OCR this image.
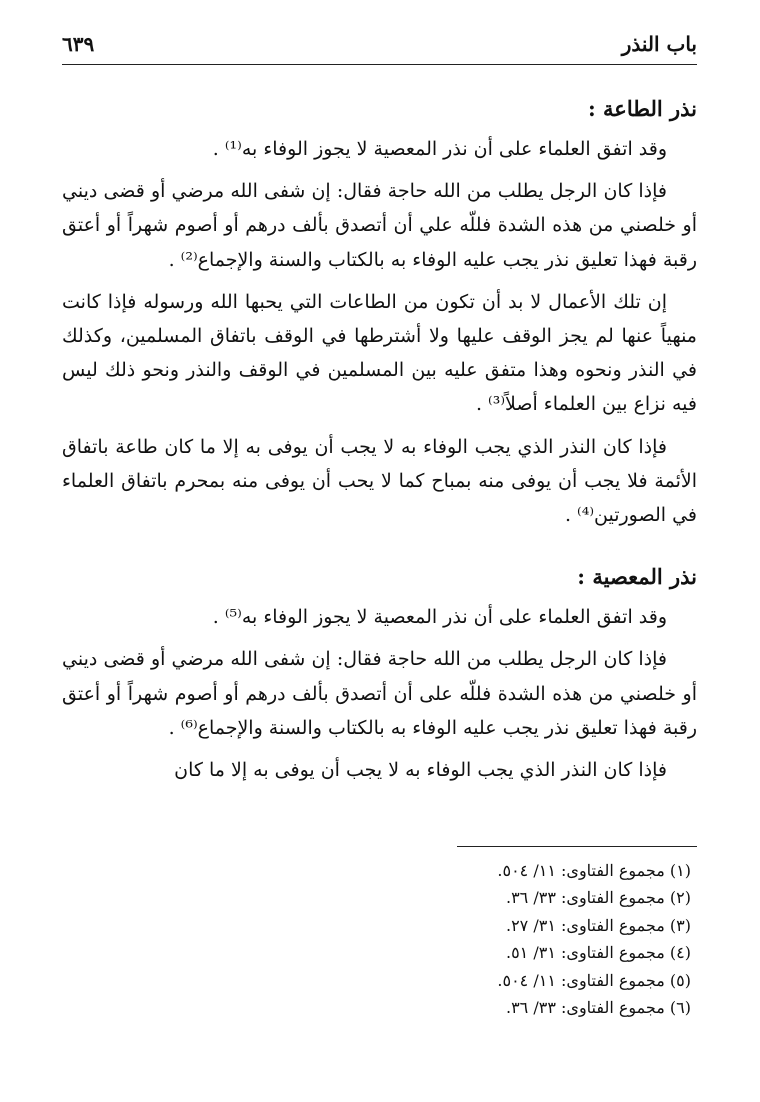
باب النذر
٦٣٩
نذر الطاعة :

وقد اتفق العلماء على أن نذر المعصية لا يجوز الوفاء به⁽¹⁾ .

فإذا كان الرجل يطلب من الله حاجة فقال: إن شفى الله مرضي أو قضى ديني أو خلصني من هذه الشدة فللّه علي أن أتصدق بألف درهم أو أصوم شهراً أو أعتق رقبة فهذا تعليق نذر يجب عليه الوفاء به بالكتاب والسنة والإجماع⁽²⁾ .

إن تلك الأعمال لا بد أن تكون من الطاعات التي يحبها الله ورسوله فإذا كانت منهياً عنها لم يجز الوقف عليها ولا أشترطها في الوقف باتفاق المسلمين، وكذلك في النذر ونحوه وهذا متفق عليه بين المسلمين في الوقف والنذر ونحو ذلك ليس فيه نزاع بين العلماء أصلاً⁽³⁾ .

فإذا كان النذر الذي يجب الوفاء به لا يجب أن يوفى به إلا ما كان طاعة باتفاق الأئمة فلا يجب أن يوفى منه بمباح كما لا يحب أن يوفى منه بمحرم باتفاق العلماء في الصورتين⁽⁴⁾ .

نذر المعصية :

وقد اتفق العلماء على أن نذر المعصية لا يجوز الوفاء به⁽⁵⁾ .

فإذا كان الرجل يطلب من الله حاجة فقال: إن شفى الله مرضي أو قضى ديني أو خلصني من هذه الشدة فللّه على أن أتصدق بألف درهم أو أصوم شهراً أو أعتق رقبة فهذا تعليق نذر يجب عليه الوفاء به بالكتاب والسنة والإجماع⁽⁶⁾ .

فإذا كان النذر الذي يجب الوفاء به لا يجب أن يوفى به إلا ما كان

(١) مجموع الفتاوى: ١١/ ٥٠٤.
(٢) مجموع الفتاوى: ٣٣/ ٣٦.
(٣) مجموع الفتاوى: ٣١/ ٢٧.
(٤) مجموع الفتاوى: ٣١/ ٥١.
(٥) مجموع الفتاوى: ١١/ ٥٠٤.
(٦) مجموع الفتاوى: ٣٣/ ٣٦.
